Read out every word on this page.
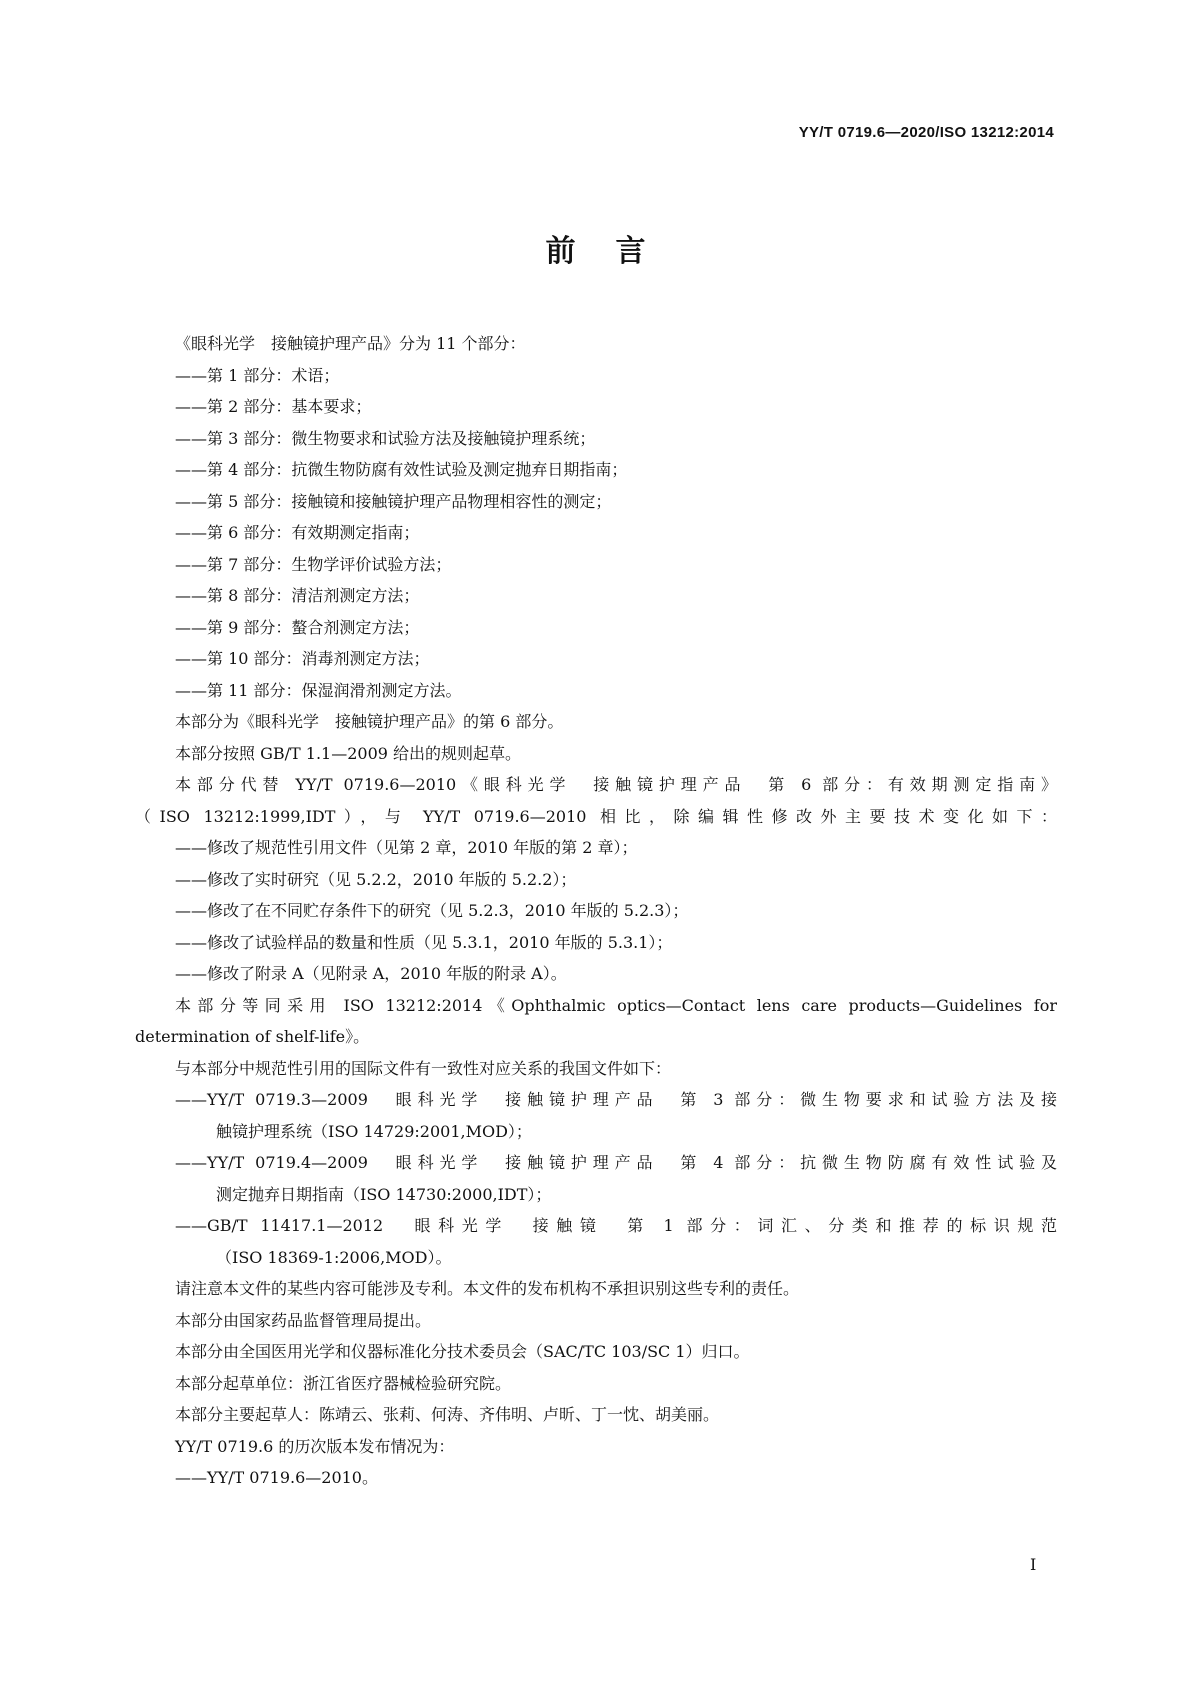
YY/T 0719.6—2020/ISO 13212:2014
前言
《眼科光学　接触镜护理产品》分为 11 个部分：
——第 1 部分：术语；
——第 2 部分：基本要求；
——第 3 部分：微生物要求和试验方法及接触镜护理系统；
——第 4 部分：抗微生物防腐有效性试验及测定抛弃日期指南；
——第 5 部分：接触镜和接触镜护理产品物理相容性的测定；
——第 6 部分：有效期测定指南；
——第 7 部分：生物学评价试验方法；
——第 8 部分：清洁剂测定方法；
——第 9 部分：螯合剂测定方法；
——第 10 部分：消毒剂测定方法；
——第 11 部分：保湿润滑剂测定方法。
本部分为《眼科光学　接触镜护理产品》的第 6 部分。
本部分按照 GB/T 1.1—2009 给出的规则起草。
本部分代替 YY/T 0719.6—2010《眼科光学　接触镜护理产品　第 6 部分：有效期测定指南》
（ISO 13212:1999,IDT），与 YY/T 0719.6—2010 相比，除编辑性修改外主要技术变化如下：
——修改了规范性引用文件（见第 2 章，2010 年版的第 2 章）；
——修改了实时研究（见 5.2.2，2010 年版的 5.2.2）；
——修改了在不同贮存条件下的研究（见 5.2.3，2010 年版的 5.2.3）；
——修改了试验样品的数量和性质（见 5.3.1，2010 年版的 5.3.1）；
——修改了附录 A（见附录 A，2010 年版的附录 A）。
本部分等同采用 ISO 13212:2014《Ophthalmic optics—Contact lens care products—Guidelines for
determination of shelf-life》。
与本部分中规范性引用的国际文件有一致性对应关系的我国文件如下：
——YY/T 0719.3—2009　眼科光学　接触镜护理产品　第 3 部分：微生物要求和试验方法及接
触镜护理系统（ISO 14729:2001,MOD）；
——YY/T 0719.4—2009　眼科光学　接触镜护理产品　第 4 部分：抗微生物防腐有效性试验及
测定抛弃日期指南（ISO 14730:2000,IDT）；
——GB/T 11417.1—2012　眼科光学　接触镜　第 1 部分：词汇、分类和推荐的标识规范
（ISO 18369-1:2006,MOD）。
请注意本文件的某些内容可能涉及专利。本文件的发布机构不承担识别这些专利的责任。
本部分由国家药品监督管理局提出。
本部分由全国医用光学和仪器标准化分技术委员会（SAC/TC 103/SC 1）归口。
本部分起草单位：浙江省医疗器械检验研究院。
本部分主要起草人：陈靖云、张莉、何涛、齐伟明、卢昕、丁一忱、胡美丽。
YY/T 0719.6 的历次版本发布情况为：
——YY/T 0719.6—2010。
I
